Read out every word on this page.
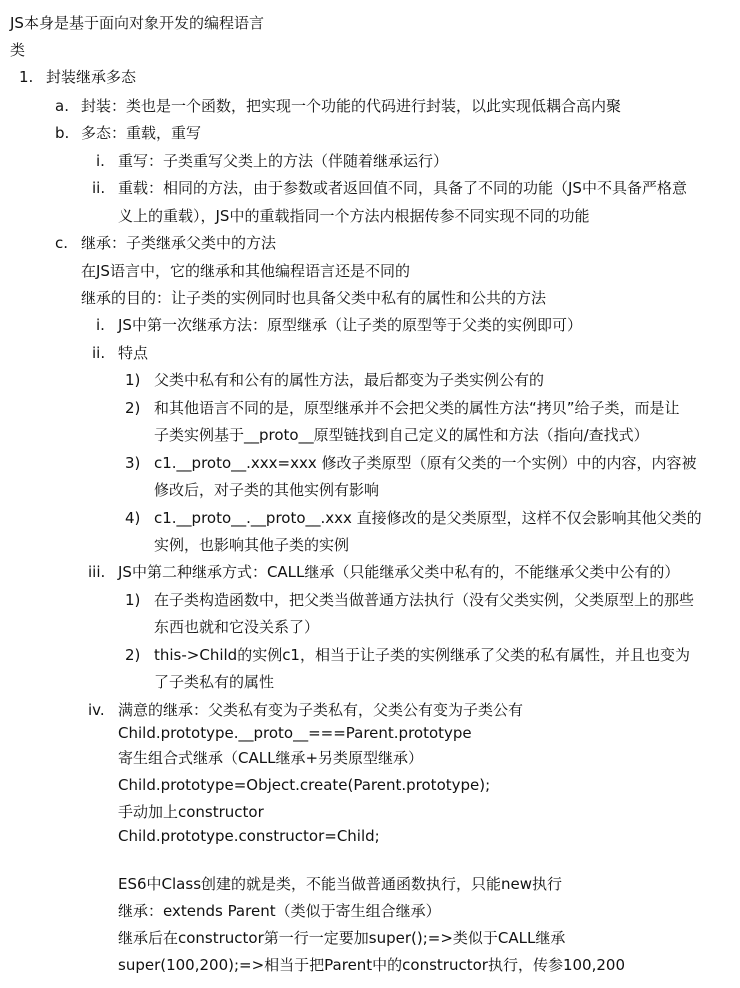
JS本身是基于面向对象开发的编程语言
类
1. 封装继承多态
a. 封装：类也是一个函数，把实现一个功能的代码进行封装，以此实现低耦合高内聚
b. 多态：重载，重写
i. 重写：子类重写父类上的方法（伴随着继承运行）
ii. 重载：相同的方法，由于参数或者返回值不同，具备了不同的功能（JS中不具备严格意
义上的重载），JS中的重载指同一个方法内根据传参不同实现不同的功能
c. 继承：子类继承父类中的方法
在JS语言中，它的继承和其他编程语言还是不同的
继承的目的：让子类的实例同时也具备父类中私有的属性和公共的方法
i. JS中第一次继承方法：原型继承（让子类的原型等于父类的实例即可）
ii. 特点
1) 父类中私有和公有的属性方法，最后都变为子类实例公有的
2) 和其他语言不同的是，原型继承并不会把父类的属性方法“拷贝”给子类，而是让
子类实例基于__proto__原型链找到自己定义的属性和方法（指向/查找式）
3) c1.__proto__.xxx=xxx 修改子类原型（原有父类的一个实例）中的内容，内容被
修改后，对子类的其他实例有影响
4) c1.__proto__.__proto__.xxx 直接修改的是父类原型，这样不仅会影响其他父类的
实例，也影响其他子类的实例
iii. JS中第二种继承方式：CALL继承（只能继承父类中私有的，不能继承父类中公有的）
1) 在子类构造函数中，把父类当做普通方法执行（没有父类实例，父类原型上的那些
东西也就和它没关系了）
2) this->Child的实例c1，相当于让子类的实例继承了父类的私有属性，并且也变为
了子类私有的属性
iv. 满意的继承：父类私有变为子类私有，父类公有变为子类公有
Child.prototype.__proto__===Parent.prototype
寄生组合式继承（CALL继承+另类原型继承）
Child.prototype=Object.create(Parent.prototype);
手动加上constructor
Child.prototype.constructor=Child;
ES6中Class创建的就是类，不能当做普通函数执行，只能new执行
继承：extends Parent（类似于寄生组合继承）
继承后在constructor第一行一定要加super();=>类似于CALL继承
super(100,200);=>相当于把Parent中的constructor执行，传参100,200
